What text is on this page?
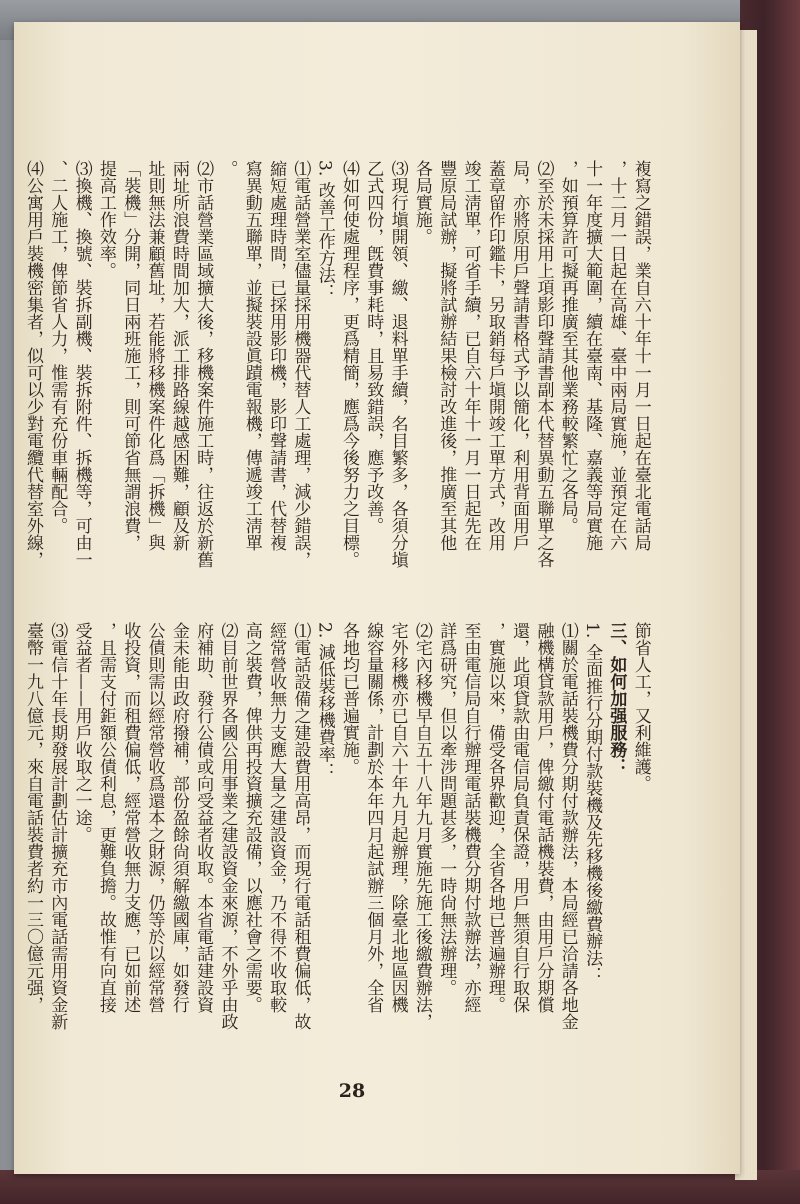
複寫之錯誤，業自六十年十一月一日起在臺北電話局
，十二月一日起在高雄、臺中兩局實施，並預定在六
十一年度擴大範圍，續在臺南、基隆、嘉義等局實施
，如預算許可擬再推廣至其他業務較繁忙之各局。
⑵至於未採用上項影印聲請書副本代替異動五聯單之各
局，亦將原用戶聲請書格式予以簡化，利用背面用戶
蓋章留作印鑑卡，另取銷每戶塡開竣工單方式，改用
竣工淸單，可省手續，已自六十年十一月一日起先在
豐原局試辦，擬將試辦結果檢討改進後，推廣至其他
各局實施。
⑶現行塡開領、繳、退料單手續，名目繁多，各須分塡
乙式四份，旣費事耗時，且易致錯誤，應予改善。
⑷如何使處理程序，更爲精簡，應爲今後努力之目標。
3. 改善工作方法：
⑴電話營業室儘量採用機器代替人工處理，減少錯誤，
縮短處理時間，已採用影印機，影印聲請書，代替複
寫異動五聯單，並擬裝設眞蹟電報機，傳遞竣工淸單
。
⑵市話營業區域擴大後，移機案件施工時，往返於新舊
兩址所浪費時間加大，派工排路線越感困難，顧及新
址則無法兼顧舊址，若能將移機案件化爲「拆機」與
「裝機」分開，同日兩班施工，則可節省無謂浪費，
提高工作效率。
⑶換機、換號、裝拆副機、裝拆附件、拆機等，可由一
、二人施工，俾節省人力，惟需有充份車輛配合。
⑷公寓用戶裝機密集者，似可以少對電纜代替室外線，
節省人工，又利維護。
三、如何加强服務：
1. 全面推行分期付款裝機及先移機後繳費辦法：
⑴關於電話裝機費分期付款辦法，本局經已洽請各地金
融機構貸款用戶，俾繳付電話機裝費，由用戶分期償
還，此項貸款由電信局負責保證，用戶無須自行取保
，實施以來，備受各界歡迎，全省各地已普遍辦理。
至由電信局自行辦理電話裝機費分期付款辦法，亦經
詳爲研究，但以牽涉問題甚多，一時尙無法辦理。
⑵宅內移機早自五十八年九月實施先施工後繳費辦法，
宅外移機亦已自六十年九月起辦理，除臺北地區因機
線容量關係，計劃於本年四月起試辦三個月外，全省
各地均已普遍實施。
2. 減低裝移機費率：
⑴電話設備之建設費用高昂，而現行電話租費偏低，故
經常營收無力支應大量之建設資金，乃不得不收取較
高之裝費，俾供再投資擴充設備，以應社會之需要。
⑵目前世界各國公用事業之建設資金來源，不外乎由政
府補助、發行公債或向受益者收取。本省電話建設資
金未能由政府撥補，部份盈餘尙須解繳國庫，如發行
公債則需以經常營收爲還本之財源，仍等於以經常營
收投資，而租費偏低，經常營收無力支應，已如前述
，且需支付鉅額公債利息，更難負擔。故惟有向直接
受益者——用戶收取之一途。
⑶電信十年長期發展計劃估計擴充市內電話需用資金新
臺幣一九八億元，來自電話裝費者約一三〇億元强，
28
